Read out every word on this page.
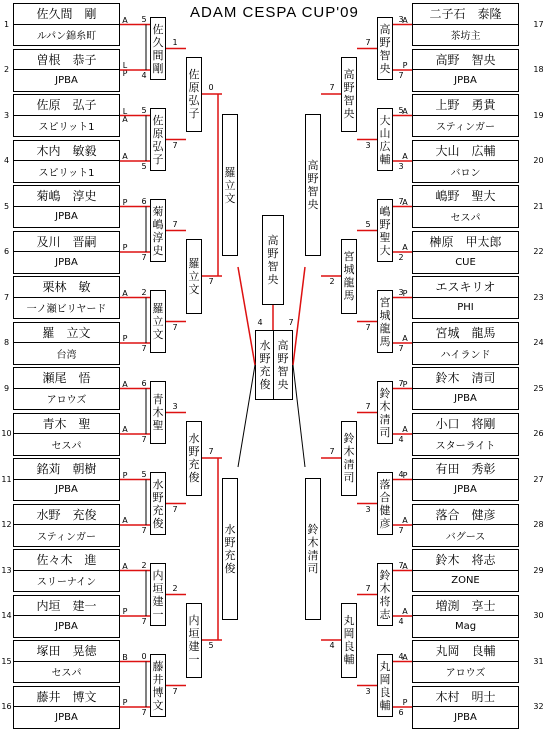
ADAM CESPA CUP'09
1
佐久間　剛
ルパン錦糸町
A
2
曽根　恭子
JPBA
L P
3
佐原　弘子
スピリット1
L A
4
木内　敏毅
スピリット1
A
5
菊嶋　淳史
JPBA
P
6
及川　晋嗣
JPBA
P
7
栗林　敏
一ノ瀬ビリヤード
A
8
羅　立文
台湾
P
9
瀬尾　悟
アロウズ
A
10
青木　聖
セスパ
A
11
銘苅　朝樹
JPBA
P
12
水野　充俊
スティンガー
A
13
佐々木　進
スリーナイン
A
14
内垣　建一
JPBA
P
15
塚田　晃徳
セスパ
B
16
藤井　博文
JPBA
P
17
二子石　泰隆
茶坊主
A
18
高野　智央
JPBA
P
19
上野　勇貴
スティンガー
A
20
大山　広輔
バロン
A
21
嶋野　聖大
セスパ
A
22
榊原　甲太郎
CUE
A
23
エスキリオ
PHI
P
24
宮城　龍馬
ハイランド
A
25
鈴木　清司
JPBA
P
26
小口　将剛
スターライト
A
27
有田　秀彰
JPBA
P
28
落合　健彦
バグース
A
29
鈴木　将志
ZONE
A
30
増渕　享士
Mag
A
31
丸岡　良輔
アロウズ
A
32
木村　明士
JPBA
P
佐
久
間
剛
5
4
佐
原
弘
子
5
5
菊
嶋
淳
史
6
7
羅
立
文
2
7
青
木
聖
6
7
水
野
充
俊
5
7
内
垣
建
一
2
7
藤
井
博
文
0
7
佐
原
弘
子
1
7
羅
立
文
7
7
水
野
充
俊
3
7
内
垣
建
一
2
7
羅
立
文
0
7
水
野
充
俊
7
5
高
野
智
央
3
7
大
山
広
輔
5
3
嶋
野
聖
大
7
2
宮
城
龍
馬
3
7
鈴
木
清
司
7
4
落
合
健
彦
4
7
鈴
木
将
志
7
4
丸
岡
良
輔
4
6
高
野
智
央
7
3
宮
城
龍
馬
5
7
鈴
木
清
司
7
3
丸
岡
良
輔
7
3
高
野
智
央
7
2
鈴
木
清
司
7
4
水
野
充
俊
高
野
智
央
高
野
智
央
4	7
